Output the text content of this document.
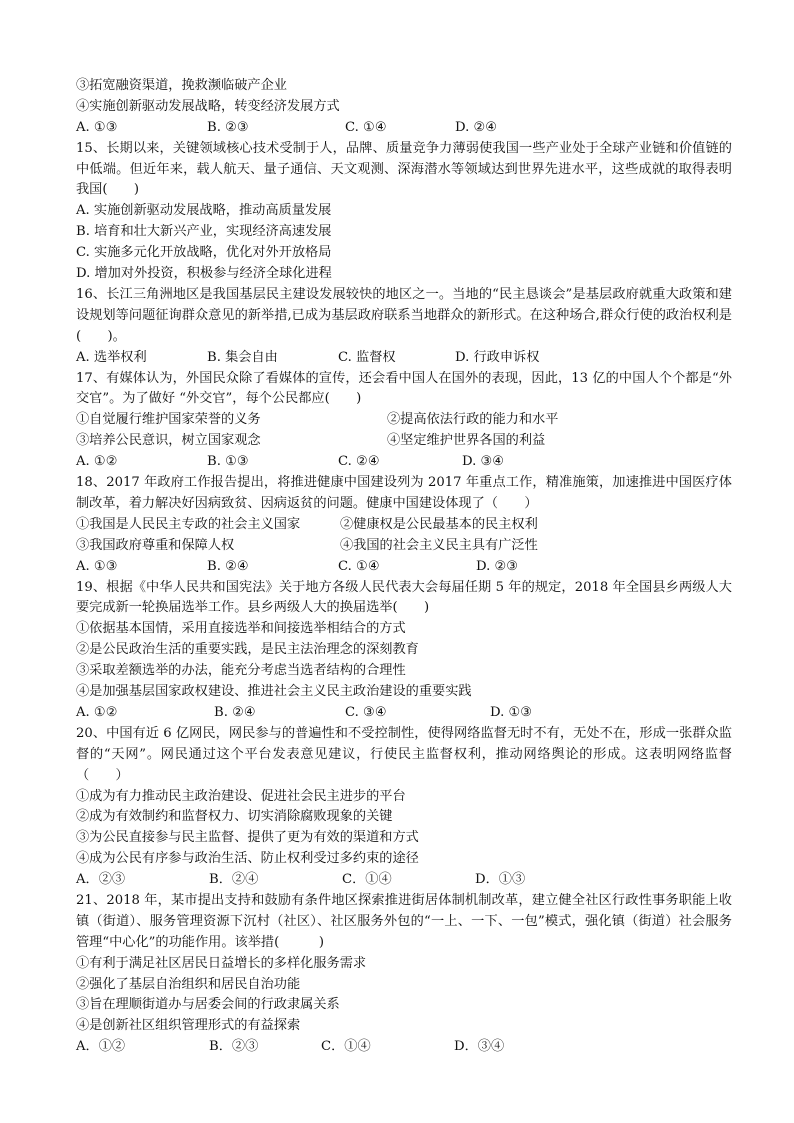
③拓宽融资渠道，挽救濒临破产企业
④实施创新驱动发展战略，转变经济发展方式
A. ①③	B. ②③	C. ①④	D. ②④
15、长期以来，关键领域核心技术受制于人，品牌、质量竞争力薄弱使我国一些产业处于全球产业链和价值链的中低端。但近年来，载人航天、量子通信、天文观测、深海潜水等领域达到世界先进水平，这些成就的取得表明我国(　　)
A. 实施创新驱动发展战略，推动高质量发展
B. 培育和壮大新兴产业，实现经济高速发展
C. 实施多元化开放战略，优化对外开放格局
D. 增加对外投资，积极参与经济全球化进程
16、长江三角洲地区是我国基层民主建设发展较快的地区之一。当地的“民主恳谈会”是基层政府就重大政策和建设规划等问题征询群众意见的新举措,已成为基层政府联系当地群众的新形式。在这种场合,群众行使的政治权利是(　　)。
A. 选举权利	B. 集会自由	C. 监督权	D. 行政申诉权
17、有媒体认为，外国民众除了看媒体的宣传，还会看中国人在国外的表现，因此，13 亿的中国人个个都是“外交官”。为了做好 “外交官”，每个公民都应(　　)
①自觉履行维护国家荣誉的义务	②提高依法行政的能力和水平
③培养公民意识，树立国家观念	④坚定维护世界各国的利益
A. ①②	B. ①③	C. ②④	D. ③④
18、2017 年政府工作报告提出，将推进健康中国建设列为 2017 年重点工作，精准施策，加速推进中国医疗体制改革，着力解决好因病致贫、因病返贫的问题。健康中国建设体现了（　　）
①我国是人民民主专政的社会主义国家	②健康权是公民最基本的民主权利
③我国政府尊重和保障人权	④我国的社会主义民主具有广泛性
A. ①③	B. ②④	C. ①④	D. ②③
19、根据《中华人民共和国宪法》关于地方各级人民代表大会每届任期 5 年的规定，2018 年全国县乡两级人大要完成新一轮换届选举工作。县乡两级人大的换届选举(　　)
①依据基本国情，采用直接选举和间接选举相结合的方式
②是公民政治生活的重要实践，是民主法治理念的深刻教育
③采取差额选举的办法，能充分考虑当选者结构的合理性
④是加强基层国家政权建设、推进社会主义民主政治建设的重要实践
A. ①②	B. ②④	C. ③④	D. ①③
20、中国有近 6 亿网民，网民参与的普遍性和不受控制性，使得网络监督无时不有，无处不在，形成一张群众监督的“天网”。网民通过这个平台发表意见建议，行使民主监督权利，推动网络舆论的形成。这表明网络监督（　　）
①成为有力推动民主政治建设、促进社会民主进步的平台
②成为有效制约和监督权力、切实消除腐败现象的关键
③为公民直接参与民主监督、提供了更为有效的渠道和方式
④成为公民有序参与政治生活、防止权利受过多约束的途径
A．②③	B．②④	C．①④	D．①③
21、2018 年，某市提出支持和鼓励有条件地区探索推进街居体制机制改革，建立健全社区行政性事务职能上收镇（街道）、服务管理资源下沉村（社区）、社区服务外包的“一上、一下、一包”模式，强化镇（街道）社会服务管理“中心化”的功能作用。该举措(　　　)
①有利于满足社区居民日益增长的多样化服务需求
②强化了基层自治组织和居民自治功能
③旨在理顺街道办与居委会间的行政隶属关系
④是创新社区组织管理形式的有益探索
A．①②	B．②③	C．①④	D．③④
